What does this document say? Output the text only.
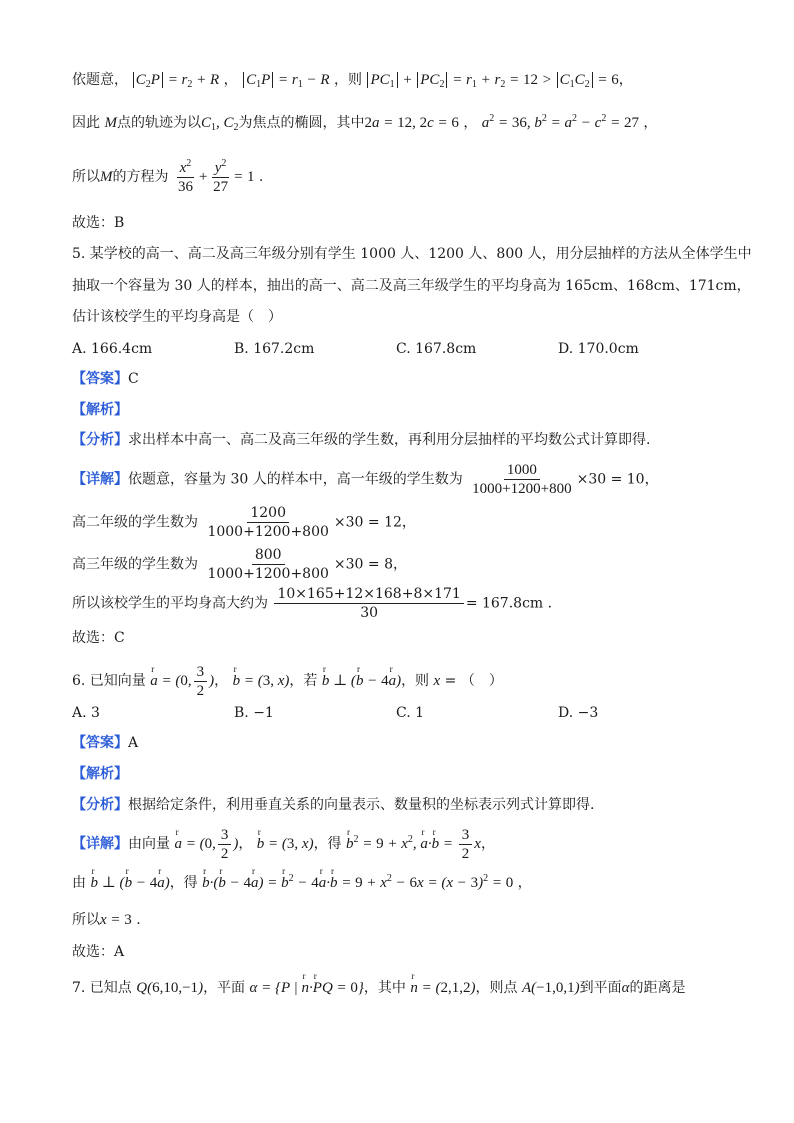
依题意， $C_2P = r_2 + R$ ， $C_1P = r_1 - R$ ，则 $PC_1 + PC_2 = r_1 + r_2 = 12 > C_1C_2 = 6$，
因此 M点的轨迹为以$C_1$, $C_2$为焦点的椭圆，其中2a = 12, 2c = 6 ， $a^2 = 36$, $b^2 = a^2 - c^2 = 27$ ，
所以M的方程为 $\frac{x^2}{36} + \frac{y^2}{27} = 1$ .
故选：B
5. 某学校的高一、高二及高三年级分别有学生 1000 人、1200 人、800 人，用分层抽样的方法从全体学生中
抽取一个容量为 30 人的样本，抽出的高一、高二及高三年级学生的平均身高为 165cm、168cm、171cm，
估计该校学生的平均身高是（　）
A. 166.4cm	B. 167.2cm	C. 167.8cm	D. 170.0cm
【答案】C
【解析】
【分析】求出样本中高一、高二及高三年级的学生数，再利用分层抽样的平均数公式计算即得.
【详解】依题意，容量为 30 人的样本中，高一年级的学生数为 $\frac{1000}{1000+1200+800} \times 30 = 10$，
高二年级的学生数为 $\frac{1200}{1000+1200+800} \times 30 = 12$，
高三年级的学生数为 $\frac{800}{1000+1200+800} \times 30 = 8$，
所以该校学生的平均身高大约为 $\frac{10\times 165+12\times 168+8\times 171}{30} = 167.8cm$ .
故选：C
6. 已知向量 r a = (0, $\frac{3}{2}$ )， r b = (3, x)，若 r b ⊥ (r b − 4r a)，则 x = （　）
A. 3	B. −1	C. 1	D. −3
【答案】A
【解析】
【分析】根据给定条件，利用垂直关系的向量表示、数量积的坐标表示列式计算即得.
【详解】由向量 r a = (0, $\frac{3}{2}$ )， r b = (3, x)，得 r $b^2 = 9 + x^2$, r a·r $b = \frac{3}{2}$ x，
由 r b ⊥ (r b − 4r a)，得 r b·(r b − 4r a) = r $b^2 - 4r$ a·r $b = 9 + x^2 - 6x = (x - 3)^2 = 0$ ，
所以x = 3 .
故选：A
7. 已知点 Q(6,10,−1)，平面 α = {P | r n·r PQ = 0}，其中 r n = (2,1,2)，则点 A(−1,0,1)到平面α的距离是
